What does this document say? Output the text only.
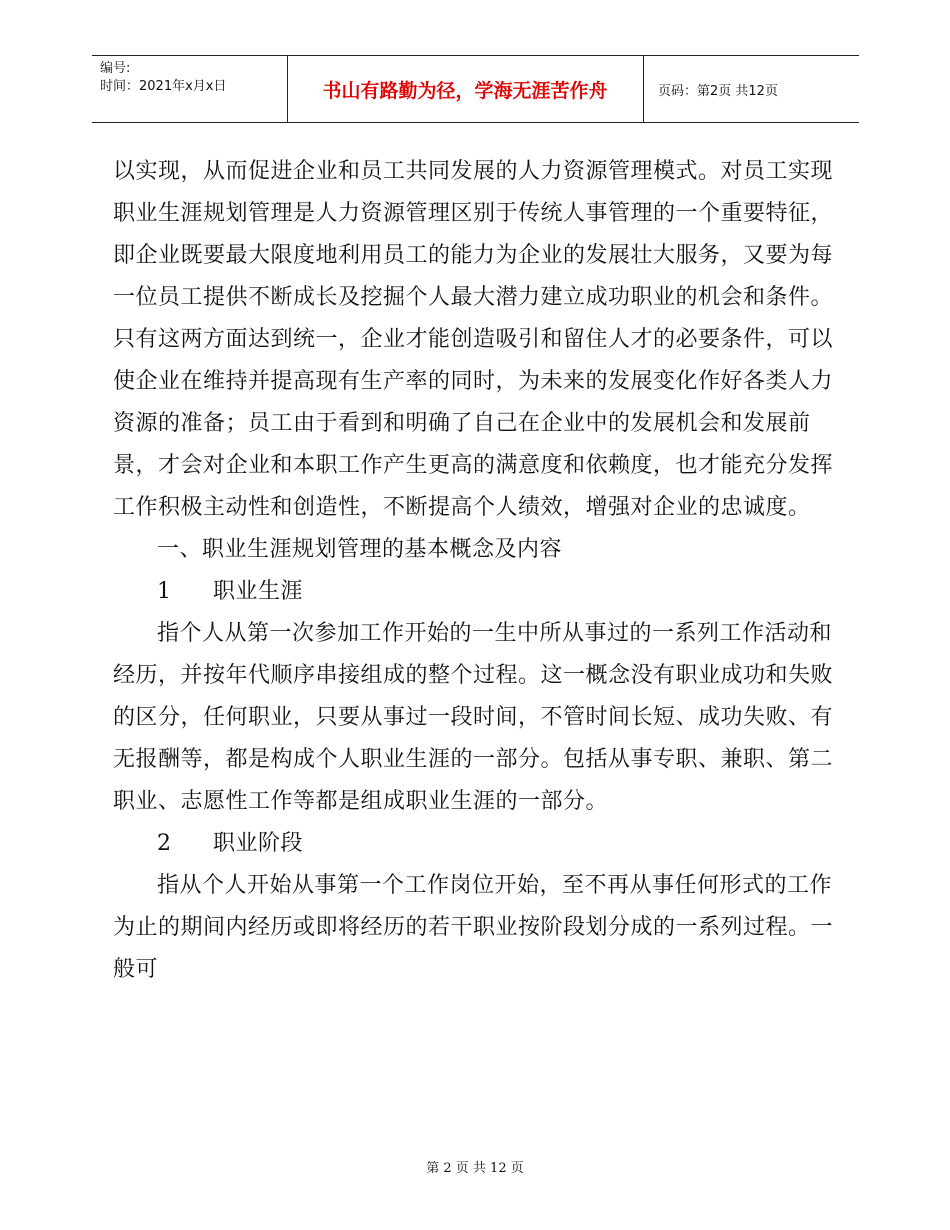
编号:
时间：2021年x月x日	书山有路勤为径，学海无涯苦作舟	页码：第2页 共12页

以实现，从而促进企业和员工共同发展的人力资源管理模式。对员工实现职业生涯规划管理是人力资源管理区别于传统人事管理的一个重要特征，即企业既要最大限度地利用员工的能力为企业的发展壮大服务，又要为每一位员工提供不断成长及挖掘个人最大潜力建立成功职业的机会和条件。只有这两方面达到统一，企业才能创造吸引和留住人才的必要条件，可以使企业在维持并提高现有生产率的同时，为未来的发展变化作好各类人力资源的准备；员工由于看到和明确了自己在企业中的发展机会和发展前景，才会对企业和本职工作产生更高的满意度和依赖度，也才能充分发挥工作积极主动性和创造性，不断提高个人绩效，增强对企业的忠诚度。

一、职业生涯规划管理的基本概念及内容

1 职业生涯

指个人从第一次参加工作开始的一生中所从事过的一系列工作活动和经历，并按年代顺序串接组成的整个过程。这一概念没有职业成功和失败的区分，任何职业，只要从事过一段时间，不管时间长短、成功失败、有无报酬等，都是构成个人职业生涯的一部分。包括从事专职、兼职、第二职业、志愿性工作等都是组成职业生涯的一部分。

2 职业阶段

指从个人开始从事第一个工作岗位开始，至不再从事任何形式的工作为止的期间内经历或即将经历的若干职业按阶段划分成的一系列过程。一般可

第 2 页 共 12 页
